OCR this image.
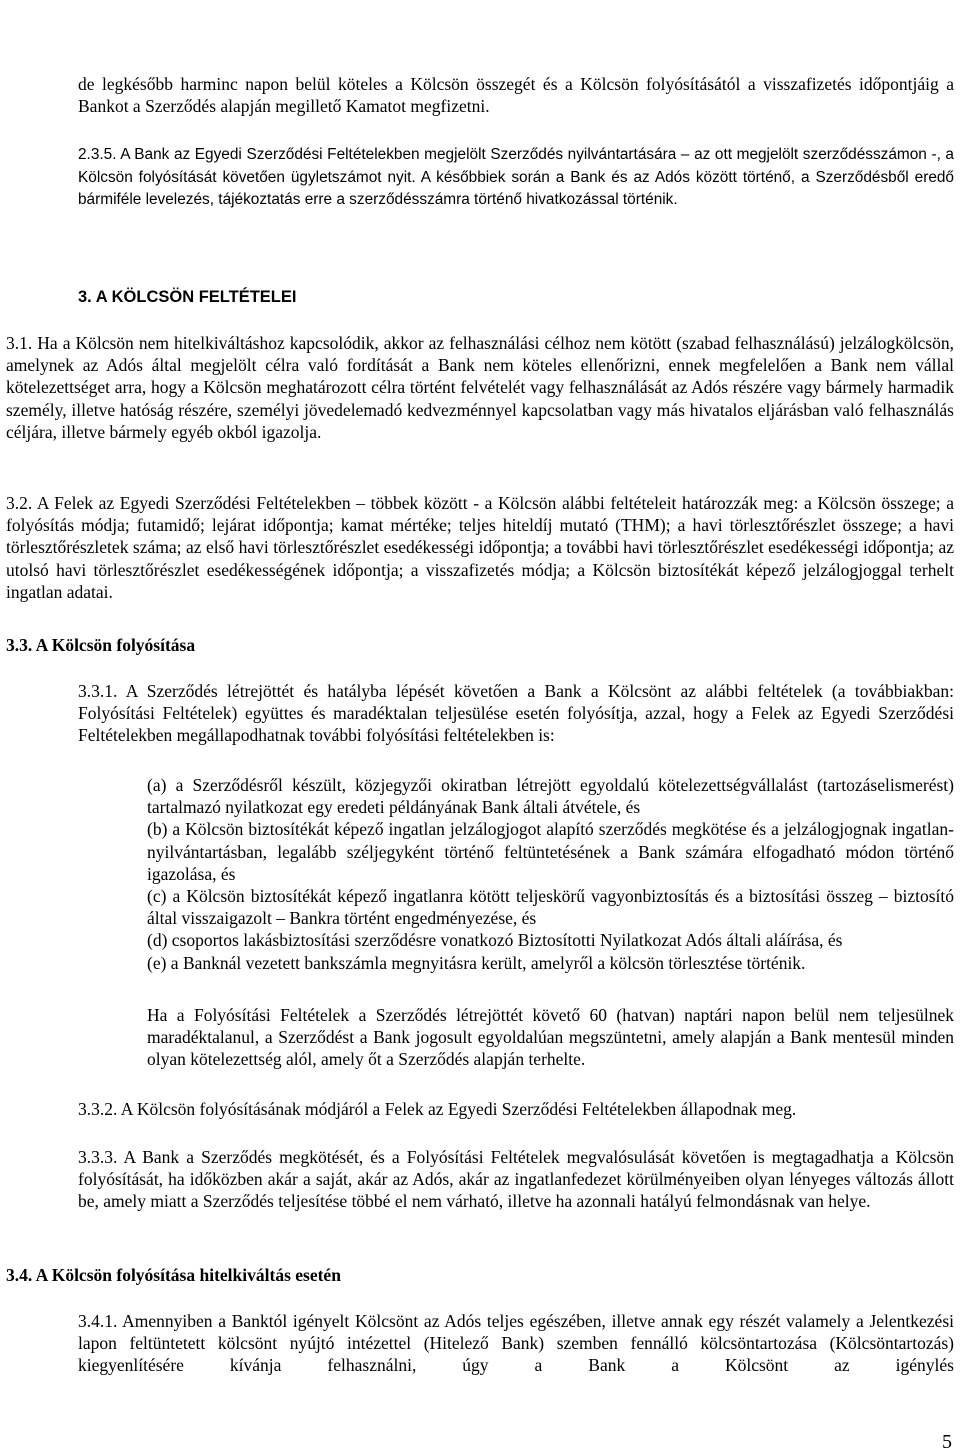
de legkésőbb harminc napon belül köteles a Kölcsön összegét és a Kölcsön folyósításától a visszafizetés időpontjáig a Bankot a Szerződés alapján megillető Kamatot megfizetni.

2.3.5. A Bank az Egyedi Szerződési Feltételekben megjelölt Szerződés nyilvántartására – az ott megjelölt szerződésszámon -, a Kölcsön folyósítását követően ügyletszámot nyit. A későbbiek során a Bank és az Adós között történő, a Szerződésből eredő bármiféle levelezés, tájékoztatás erre a szerződésszámra történő hivatkozással történik.

3. A KÖLCSÖN FELTÉTELEI

3.1. Ha a Kölcsön nem hitelkiváltáshoz kapcsolódik, akkor az felhasználási célhoz nem kötött (szabad felhasználású) jelzálogkölcsön, amelynek az Adós által megjelölt célra való fordítását a Bank nem köteles ellenőrizni, ennek megfelelően a Bank nem vállal kötelezettséget arra, hogy a Kölcsön meghatározott célra történt felvételét vagy felhasználását az Adós részére vagy bármely harmadik személy, illetve hatóság részére, személyi jövedelemadó kedvezménnyel kapcsolatban vagy más hivatalos eljárásban való felhasználás céljára, illetve bármely egyéb okból igazolja.

3.2. A Felek az Egyedi Szerződési Feltételekben – többek között - a Kölcsön alábbi feltételeit határozzák meg: a Kölcsön összege; a folyósítás módja; futamidő; lejárat időpontja; kamat mértéke; teljes hiteldíj mutató (THM); a havi törlesztőrészlet összege; a havi törlesztőrészletek száma; az első havi törlesztőrészlet esedékességi időpontja; a további havi törlesztőrészlet esedékességi időpontja; az utolsó havi törlesztőrészlet esedékességének időpontja; a visszafizetés módja; a Kölcsön biztosítékát képező jelzálogjoggal terhelt ingatlan adatai.

3.3. A Kölcsön folyósítása

3.3.1. A Szerződés létrejöttét és hatályba lépését követően a Bank a Kölcsönt az alábbi feltételek (a továbbiakban: Folyósítási Feltételek) együttes és maradéktalan teljesülése esetén folyósítja, azzal, hogy a Felek az Egyedi Szerződési Feltételekben megállapodhatnak további folyósítási feltételekben is:

(a) a Szerződésről készült, közjegyzői okiratban létrejött egyoldalú kötelezettségvállalást (tartozáselismerést) tartalmazó nyilatkozat egy eredeti példányának Bank általi átvétele, és

(b) a Kölcsön biztosítékát képező ingatlan jelzálogjogot alapító szerződés megkötése és a jelzálogjognak ingatlan-nyilvántartásban, legalább széljegyként történő feltüntetésének a Bank számára elfogadható módon történő igazolása, és

(c) a Kölcsön biztosítékát képező ingatlanra kötött teljeskörű vagyonbiztosítás és a biztosítási összeg – biztosító által visszaigazolt – Bankra történt engedményezése, és

(d) csoportos lakásbiztosítási szerződésre vonatkozó Biztosítotti Nyilatkozat Adós általi aláírása, és

(e) a Banknál vezetett bankszámla megnyitásra került, amelyről a kölcsön törlesztése történik.

Ha a Folyósítási Feltételek a Szerződés létrejöttét követő 60 (hatvan) naptári napon belül nem teljesülnek maradéktalanul, a Szerződést a Bank jogosult egyoldalúan megszüntetni, amely alapján a Bank mentesül minden olyan kötelezettség alól, amely őt a Szerződés alapján terhelte.

3.3.2. A Kölcsön folyósításának módjáról a Felek az Egyedi Szerződési Feltételekben állapodnak meg.

3.3.3. A Bank a Szerződés megkötését, és a Folyósítási Feltételek megvalósulását követően is megtagadhatja a Kölcsön folyósítását, ha időközben akár a saját, akár az Adós, akár az ingatlanfedezet körülményeiben olyan lényeges változás állott be, amely miatt a Szerződés teljesítése többé el nem várható, illetve ha azonnali hatályú felmondásnak van helye.

3.4. A Kölcsön folyósítása hitelkiváltás esetén

3.4.1. Amennyiben a Banktól igényelt Kölcsönt az Adós teljes egészében, illetve annak egy részét valamely a Jelentkezési lapon feltüntetett kölcsönt nyújtó intézettel (Hitelező Bank) szemben fennálló kölcsöntartozása (Kölcsöntartozás) kiegyenlítésére kívánja felhasználni, úgy a Bank a Kölcsönt az igénylés

5
